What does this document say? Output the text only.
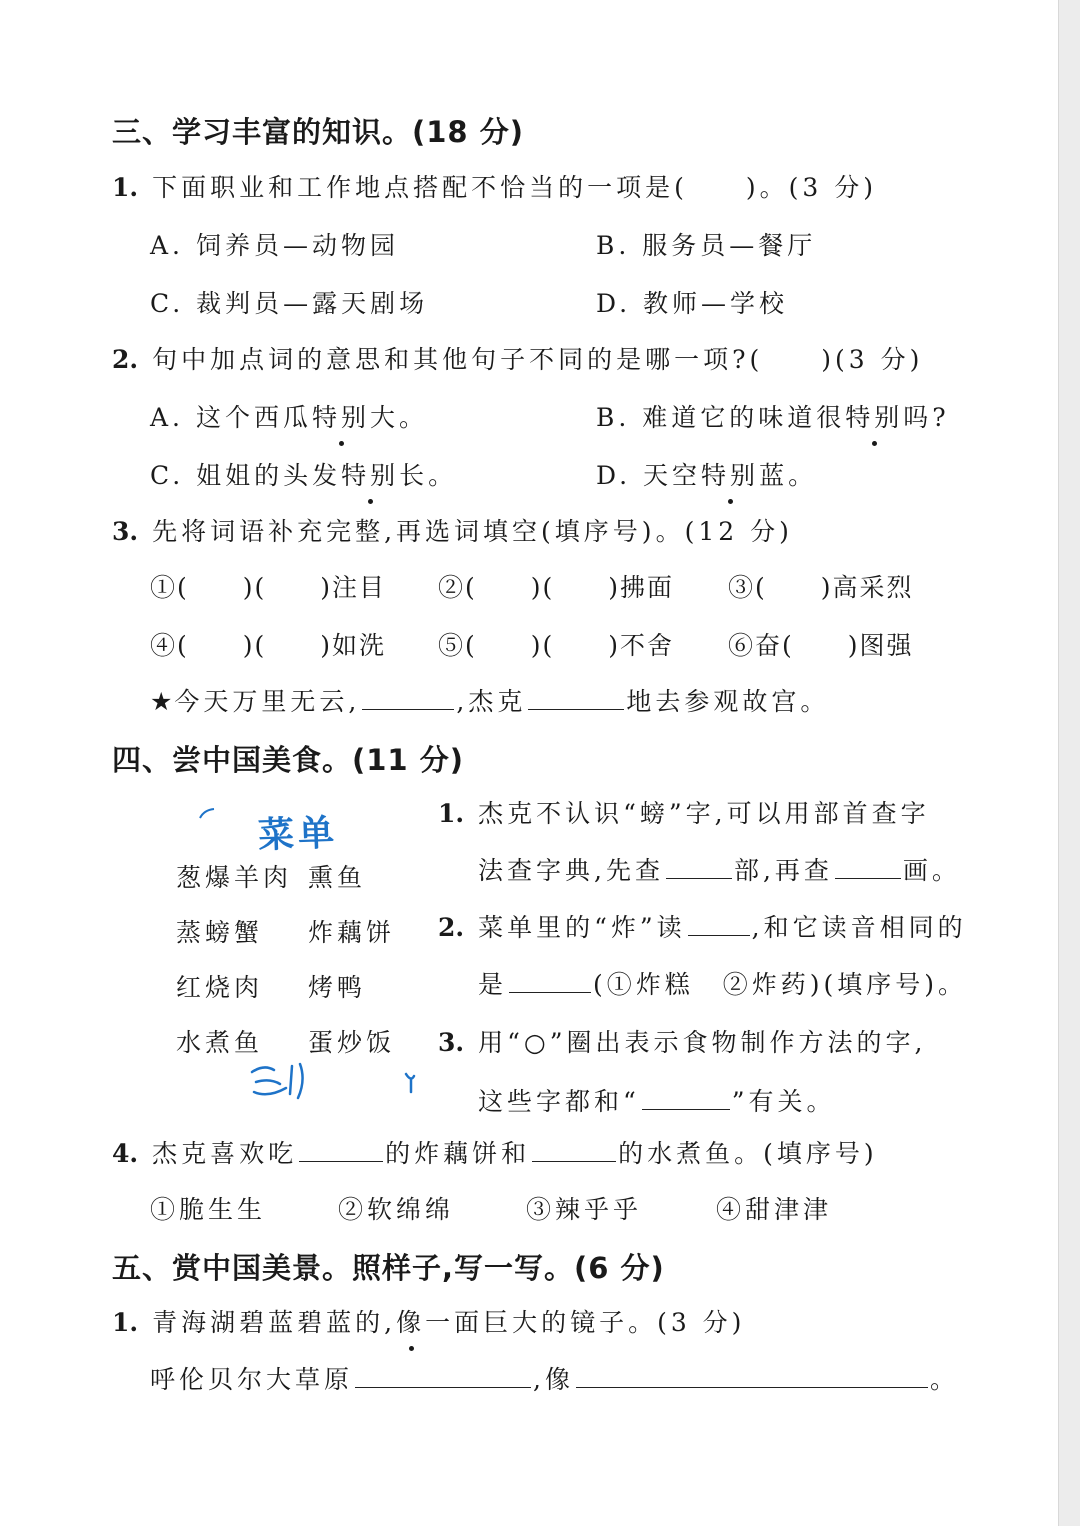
三、学习丰富的知识。(18 分)
1. 下面职业和工作地点搭配不恰当的一项是(　　)。(3 分)
A. 饲养员—动物园	B. 服务员—餐厅
C. 裁判员—露天剧场	D. 教师—学校
2. 句中加点词的意思和其他句子不同的是哪一项?(　　)(3 分)
A. 这个西瓜特别大。	B. 难道它的味道很特别吗?
C. 姐姐的头发特别长。	D. 天空特别蓝。
3. 先将词语补充完整,再选词填空(填序号)。(12 分)
①(　　)(　　)注目 ②(　　)(　　)拂面 ③(　　)高采烈
④(　　)(　　)如洗 ⑤(　　)(　　)不舍 ⑥奋(　　)图强
★今天万里无云,	,杰克	地去参观故宫。
四、尝中国美食。(11 分)
菜单
葱爆羊肉 熏鱼
蒸螃蟹 炸藕饼
红烧肉 烤鸭
水煮鱼 蛋炒饭
1. 杰克不认识“螃”字,可以用部首查字
法查字典,先查	部,再查	画。
2. 菜单里的“炸”读	,和它读音相同的
是	(①炸糕　②炸药)(填序号)。
3. 用“○”圈出表示食物制作方法的字,
这些字都和“	”有关。
4. 杰克喜欢吃	的炸藕饼和	的水煮鱼。(填序号)
①脆生生	②软绵绵	③辣乎乎	④甜津津
五、赏中国美景。照样子,写一写。(6 分)
1. 青海湖碧蓝碧蓝的,像一面巨大的镜子。(3 分)
呼伦贝尔大草原	,像	。
